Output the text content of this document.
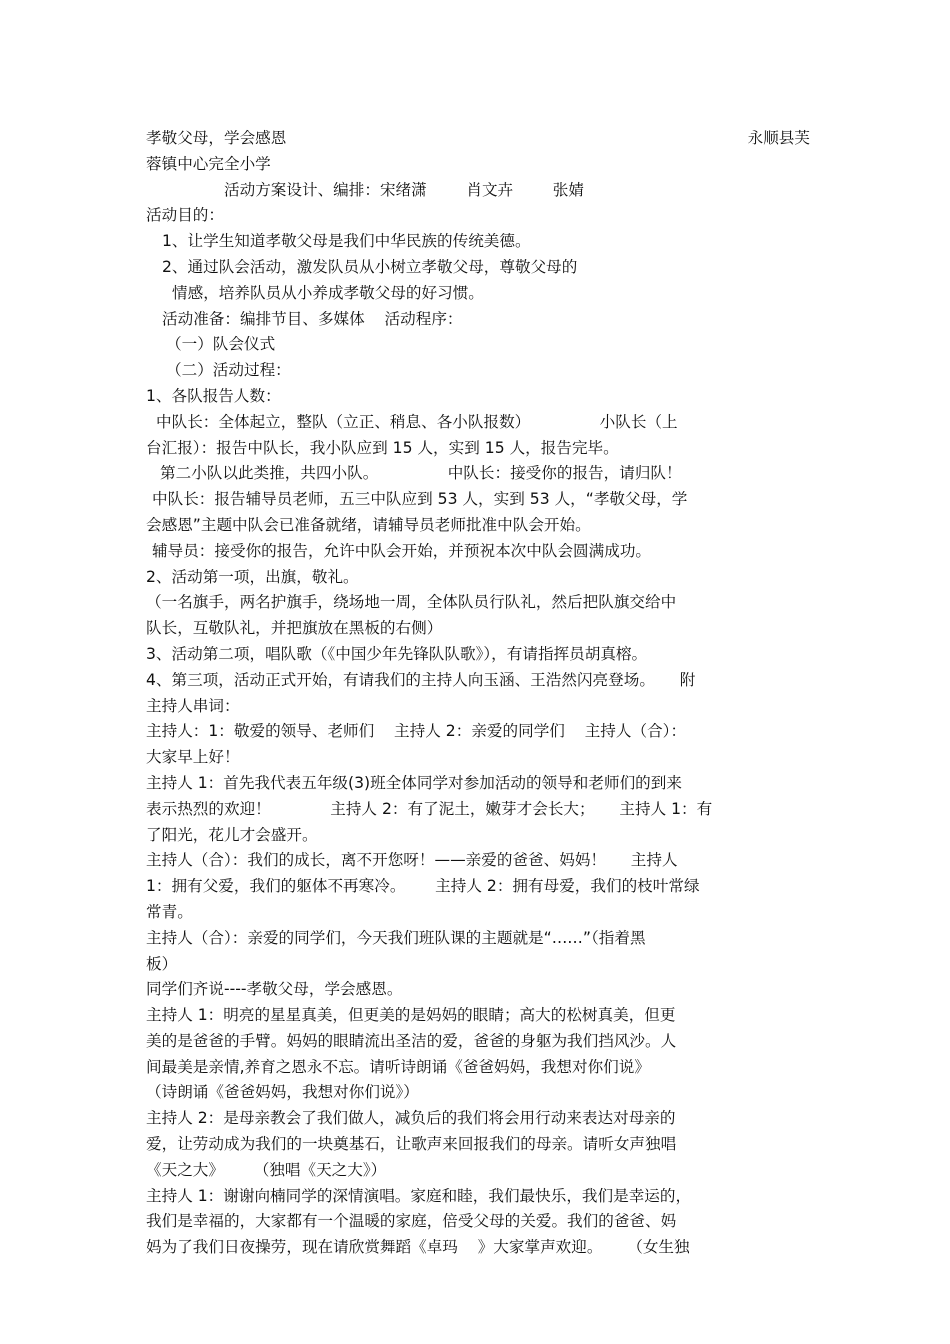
孝敬父母，学会感恩	永顺县芙
蓉镇中心完全小学
活动方案设计、编排：宋绪潇        肖文卉        张婧
活动目的：
1、让学生知道孝敬父母是我们中华民族的传统美德。
2、通过队会活动，激发队员从小树立孝敬父母，尊敬父母的
情感，培养队员从小养成孝敬父母的好习惯。
活动准备：编排节目、多媒体    活动程序：
（一）队会仪式
（二）活动过程：
1、各队报告人数：
中队长：全体起立，整队（立正、稍息、各小队报数）              小队长（上
台汇报）：报告中队长，我小队应到 15 人，实到 15 人，报告完毕。
第二小队以此类推，共四小队。              中队长：接受你的报告，请归队！
中队长：报告辅导员老师，五三中队应到 53 人，实到 53 人，“孝敬父母，学
会感恩”主题中队会已准备就绪，请辅导员老师批准中队会开始。
辅导员：接受你的报告，允许中队会开始，并预祝本次中队会圆满成功。
2、活动第一项，出旗，敬礼。
（一名旗手，两名护旗手，绕场地一周，全体队员行队礼，然后把队旗交给中
队长，互敬队礼，并把旗放在黑板的右侧）
3、活动第二项，唱队歌（《中国少年先锋队队歌》），有请指挥员胡真榕。
4、第三项，活动正式开始，有请我们的主持人向玉涵、王浩然闪亮登场。     附
主持人串词：
主持人：1：敬爱的领导、老师们    主持人 2：亲爱的同学们    主持人（合）：
大家早上好！
主持人 1：首先我代表五年级(3)班全体同学对参加活动的领导和老师们的到来
表示热烈的欢迎！            主持人 2：有了泥土，嫩芽才会长大；     主持人 1：有
了阳光，花儿才会盛开。
主持人（合）：我们的成长，离不开您呀！——亲爱的爸爸、妈妈！     主持人
1：拥有父爱，我们的躯体不再寒冷。      主持人 2：拥有母爱，我们的枝叶常绿
常青。
主持人（合）：亲爱的同学们，今天我们班队课的主题就是“……”（指着黑
板）
同学们齐说----孝敬父母，学会感恩。
主持人 1：明亮的星星真美，但更美的是妈妈的眼睛；高大的松树真美，但更
美的是爸爸的手臂。妈妈的眼睛流出圣洁的爱，爸爸的身躯为我们挡风沙。人
间最美是亲情,养育之恩永不忘。请听诗朗诵《爸爸妈妈，我想对你们说》
（诗朗诵《爸爸妈妈，我想对你们说》）
主持人 2：是母亲教会了我们做人，减负后的我们将会用行动来表达对母亲的
爱，让劳动成为我们的一块奠基石，让歌声来回报我们的母亲。请听女声独唱
《天之大》      （独唱《天之大》）
主持人 1：谢谢向楠同学的深情演唱。家庭和睦，我们最快乐，我们是幸运的，
我们是幸福的，大家都有一个温暖的家庭，倍受父母的关爱。我们的爸爸、妈
妈为了我们日夜操劳，现在请欣赏舞蹈《卓玛    》大家掌声欢迎。     （女生独
